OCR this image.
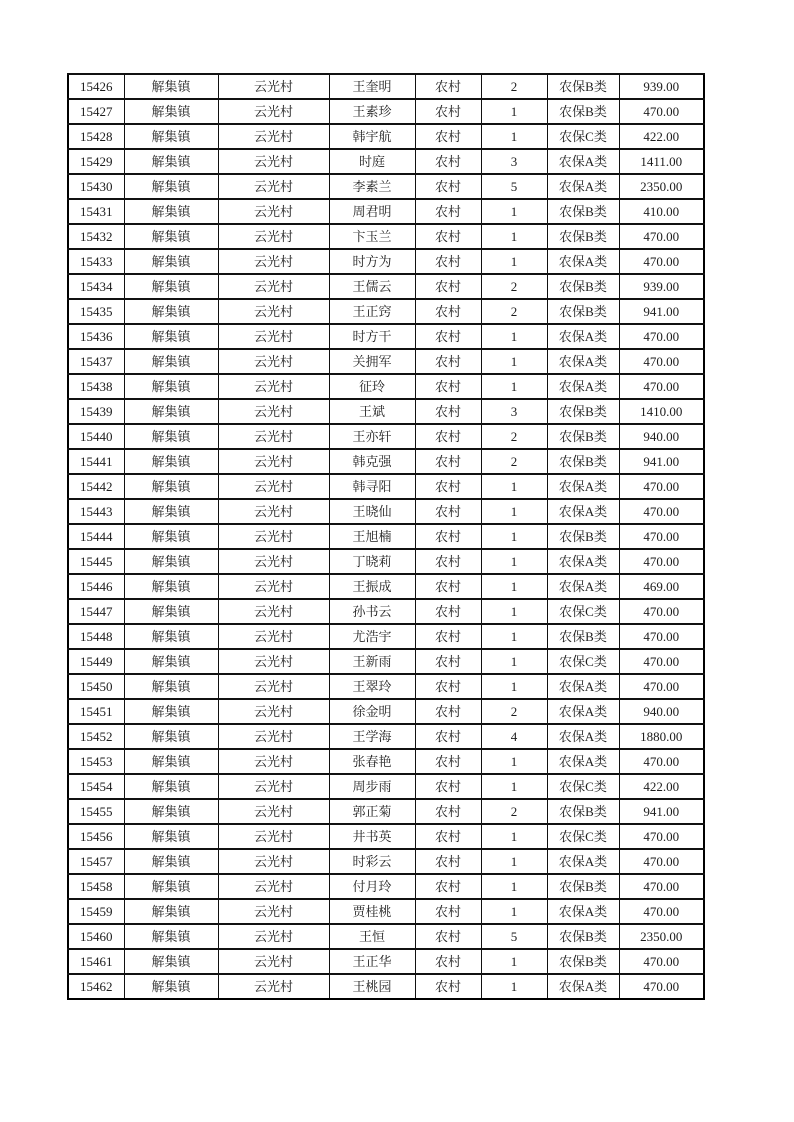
15426	解集镇	云光村	王奎明	农村	2	农保B类	939.00
15427	解集镇	云光村	王素珍	农村	1	农保B类	470.00
15428	解集镇	云光村	韩宇航	农村	1	农保C类	422.00
15429	解集镇	云光村	时庭	农村	3	农保A类	1411.00
15430	解集镇	云光村	李素兰	农村	5	农保A类	2350.00
15431	解集镇	云光村	周君明	农村	1	农保B类	410.00
15432	解集镇	云光村	卞玉兰	农村	1	农保B类	470.00
15433	解集镇	云光村	时方为	农村	1	农保A类	470.00
15434	解集镇	云光村	王儒云	农村	2	农保B类	939.00
15435	解集镇	云光村	王正窍	农村	2	农保B类	941.00
15436	解集镇	云光村	时方干	农村	1	农保A类	470.00
15437	解集镇	云光村	关拥军	农村	1	农保A类	470.00
15438	解集镇	云光村	征玲	农村	1	农保A类	470.00
15439	解集镇	云光村	王斌	农村	3	农保B类	1410.00
15440	解集镇	云光村	王亦轩	农村	2	农保B类	940.00
15441	解集镇	云光村	韩克强	农村	2	农保B类	941.00
15442	解集镇	云光村	韩寻阳	农村	1	农保A类	470.00
15443	解集镇	云光村	王晓仙	农村	1	农保A类	470.00
15444	解集镇	云光村	王旭楠	农村	1	农保B类	470.00
15445	解集镇	云光村	丁晓莉	农村	1	农保A类	470.00
15446	解集镇	云光村	王振成	农村	1	农保A类	469.00
15447	解集镇	云光村	孙书云	农村	1	农保C类	470.00
15448	解集镇	云光村	尤浩宇	农村	1	农保B类	470.00
15449	解集镇	云光村	王新雨	农村	1	农保C类	470.00
15450	解集镇	云光村	王翠玲	农村	1	农保A类	470.00
15451	解集镇	云光村	徐金明	农村	2	农保A类	940.00
15452	解集镇	云光村	王学海	农村	4	农保A类	1880.00
15453	解集镇	云光村	张春艳	农村	1	农保A类	470.00
15454	解集镇	云光村	周步雨	农村	1	农保C类	422.00
15455	解集镇	云光村	郭正菊	农村	2	农保B类	941.00
15456	解集镇	云光村	井书英	农村	1	农保C类	470.00
15457	解集镇	云光村	时彩云	农村	1	农保A类	470.00
15458	解集镇	云光村	付月玲	农村	1	农保B类	470.00
15459	解集镇	云光村	贾桂桃	农村	1	农保A类	470.00
15460	解集镇	云光村	王恒	农村	5	农保B类	2350.00
15461	解集镇	云光村	王正华	农村	1	农保B类	470.00
15462	解集镇	云光村	王桃园	农村	1	农保A类	470.00
